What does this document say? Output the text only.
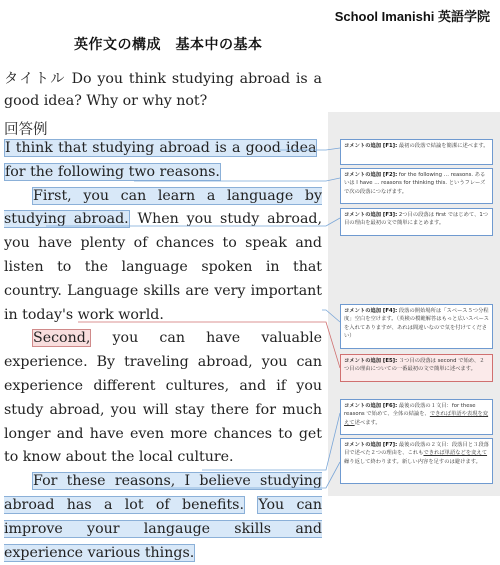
School Imanishi 英語学院
英作文の構成　基本中の基本
タイトル Do you think studying abroad is a good idea? Why or why not?
回答例

I think that studying abroad is a good idea  for the following two reasons.

First, you can learn a language by studying abroad. When you study abroad, you have plenty of chances to speak and listen to the language spoken in that country. Language skills are very important in today's work world.

Second, you can have valuable experience. By traveling abroad, you can experience different cultures, and if you study abroad, you will stay there for much longer and have even more chances to get to know about the local culture.

For these reasons, I believe studying abroad has a lot of benefits. You can improve your langauge skills and experience various things.

コメントの追加 [F1]: 最初の段落で結論を簡潔に述べます。
コメントの追加 [F2]: for the following … reasons. あるいは I have … reasons for thinking this. というフレーズで次の段落につなげます。
コメントの追加 [F3]: 2つ目の段落は first ではじめて、1つ目の理由を最初の文で簡単にまとめます。
コメントの追加 [F4]: 段落の開始場所は「スペース５つ分程度」空白を空けます。（英検の模範解答はもっと広いスペースを入れてありますが、あれは間違いなので気を付けてください）
コメントの追加 [E5]: ３つ目の段落は second で始め、２つ目の理由についての一番最初の文で簡単に述べます。
コメントの追加 [F6]: 最後の段落の１文目：for these reasons で始めて、全体の結論を、できれば単語や表現を変えて述べます。
コメントの追加 [F7]: 最後の段落の２文目：段落目と３段落目で述べた２つの理由を、これもできれば単語などを変えて繰り返して終わります。新しい内容を足すのは避けます。
